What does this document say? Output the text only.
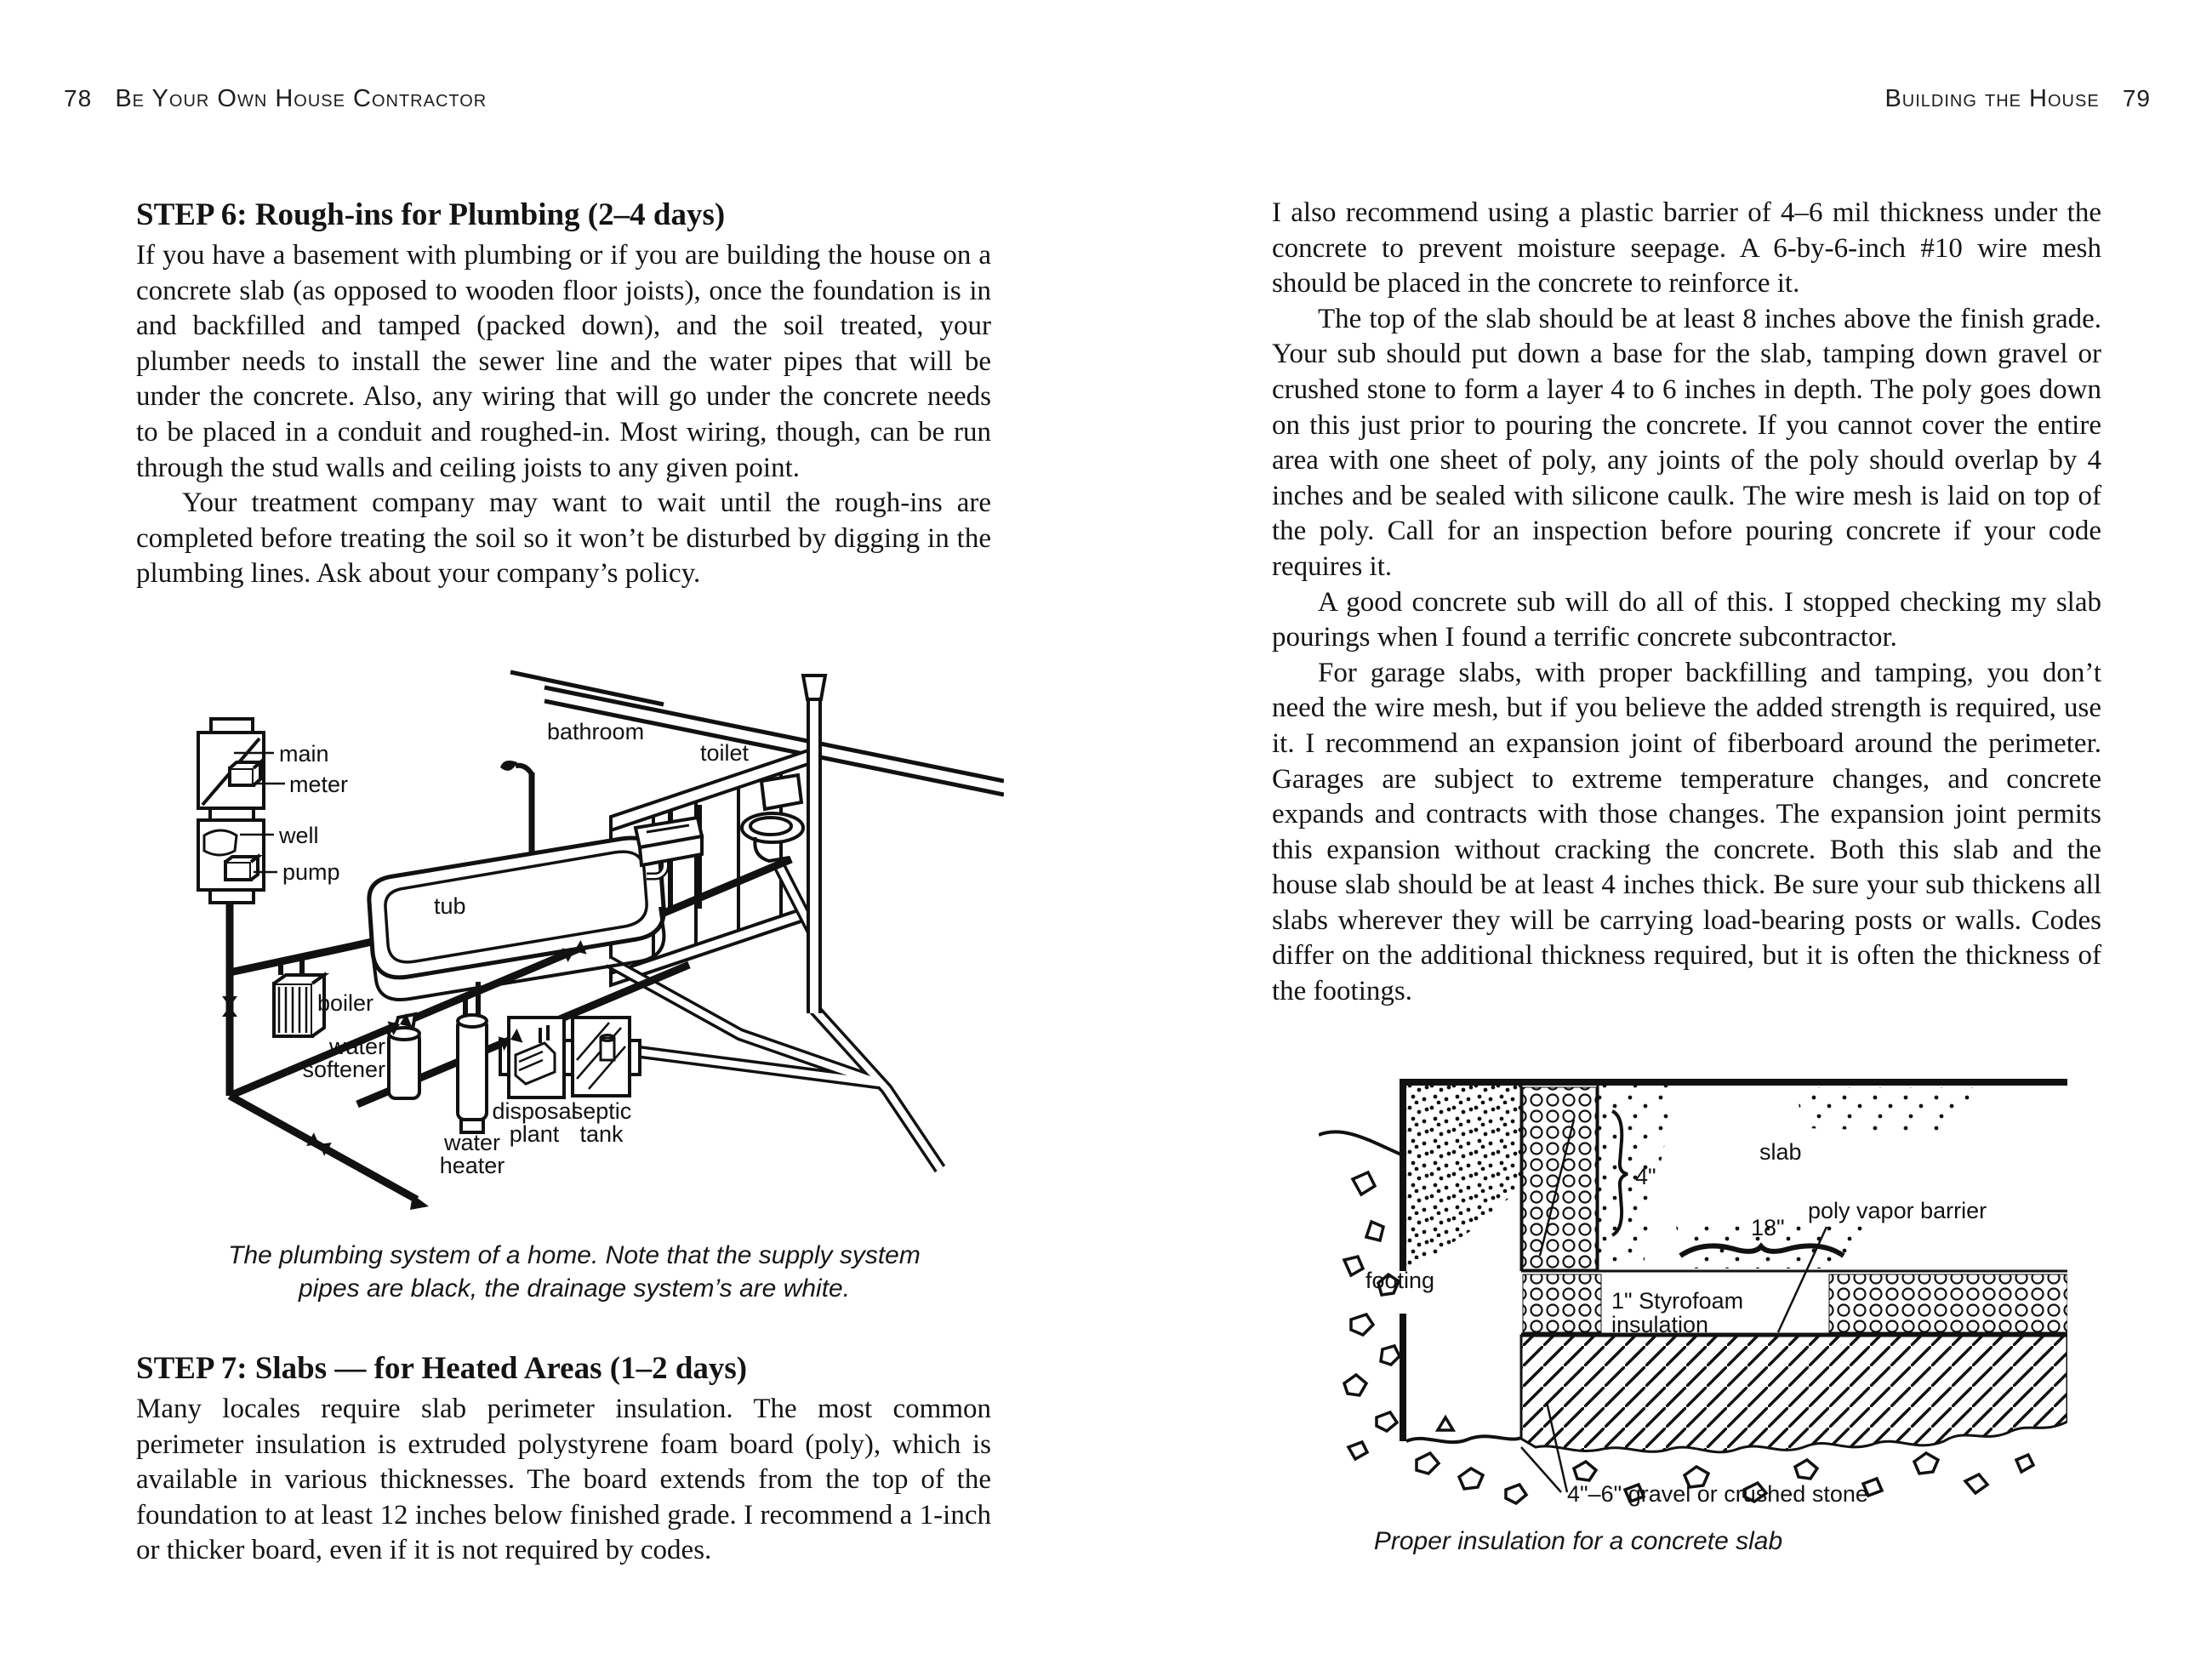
78 Be Your Own House Contractor	Building the House 79
STEP 6: Rough-ins for Plumbing (2–4 days)

If you have a basement with plumbing or if you are building the house on a concrete slab (as opposed to wooden floor joists), once the foundation is in and backfilled and tamped (packed down), and the soil treated, your plumber needs to install the sewer line and the water pipes that will be under the concrete. Also, any wiring that will go under the concrete needs to be placed in a conduit and roughed-in. Most wiring, though, can be run through the stud walls and ceiling joists to any given point.

Your treatment company may want to wait until the rough-ins are completed before treating the soil so it won’t be disturbed by digging in the plumbing lines. Ask about your company’s policy.

main
meter
well
pump
bathroom
toilet
tub
boiler
water
softener
water
heater
disposal
plant
septic
tank
The plumbing system of a home. Note that the supply system pipes are black, the drainage system’s are white.
STEP 7: Slabs — for Heated Areas (1–2 days)

Many locales require slab perimeter insulation. The most common perimeter insulation is extruded polystyrene foam board (poly), which is available in various thicknesses. The board extends from the top of the foundation to at least 12 inches below finished grade. I recommend a 1-inch or thicker board, even if it is not required by codes.

I also recommend using a plastic barrier of 4–6 mil thickness under the concrete to prevent moisture seepage. A 6-by-6-inch #10 wire mesh should be placed in the concrete to reinforce it.

The top of the slab should be at least 8 inches above the finish grade. Your sub should put down a base for the slab, tamping down gravel or crushed stone to form a layer 4 to 6 inches in depth. The poly goes down on this just prior to pouring the concrete. If you cannot cover the entire area with one sheet of poly, any joints of the poly should overlap by 4 inches and be sealed with silicone caulk. The wire mesh is laid on top of the poly. Call for an inspection before pouring concrete if your code requires it.

A good concrete sub will do all of this. I stopped checking my slab pourings when I found a terrific concrete subcontractor.

For garage slabs, with proper backfilling and tamping, you don’t need the wire mesh, but if you believe the added strength is required, use it. I recommend an expansion joint of fiberboard around the perimeter. Garages are subject to extreme temperature changes, and concrete expands and contracts with those changes. The expansion joint permits this expansion without cracking the concrete. Both this slab and the house slab should be at least 4 inches thick. Be sure your sub thickens all slabs wherever they will be carrying load-bearing posts or walls. Codes differ on the additional thickness required, but it is often the thickness of the footings.

footing
4"
slab
18"
poly vapor barrier
1" Styrofoam
insulation
4"–6" gravel or crushed stone
Proper insulation for a concrete slab
